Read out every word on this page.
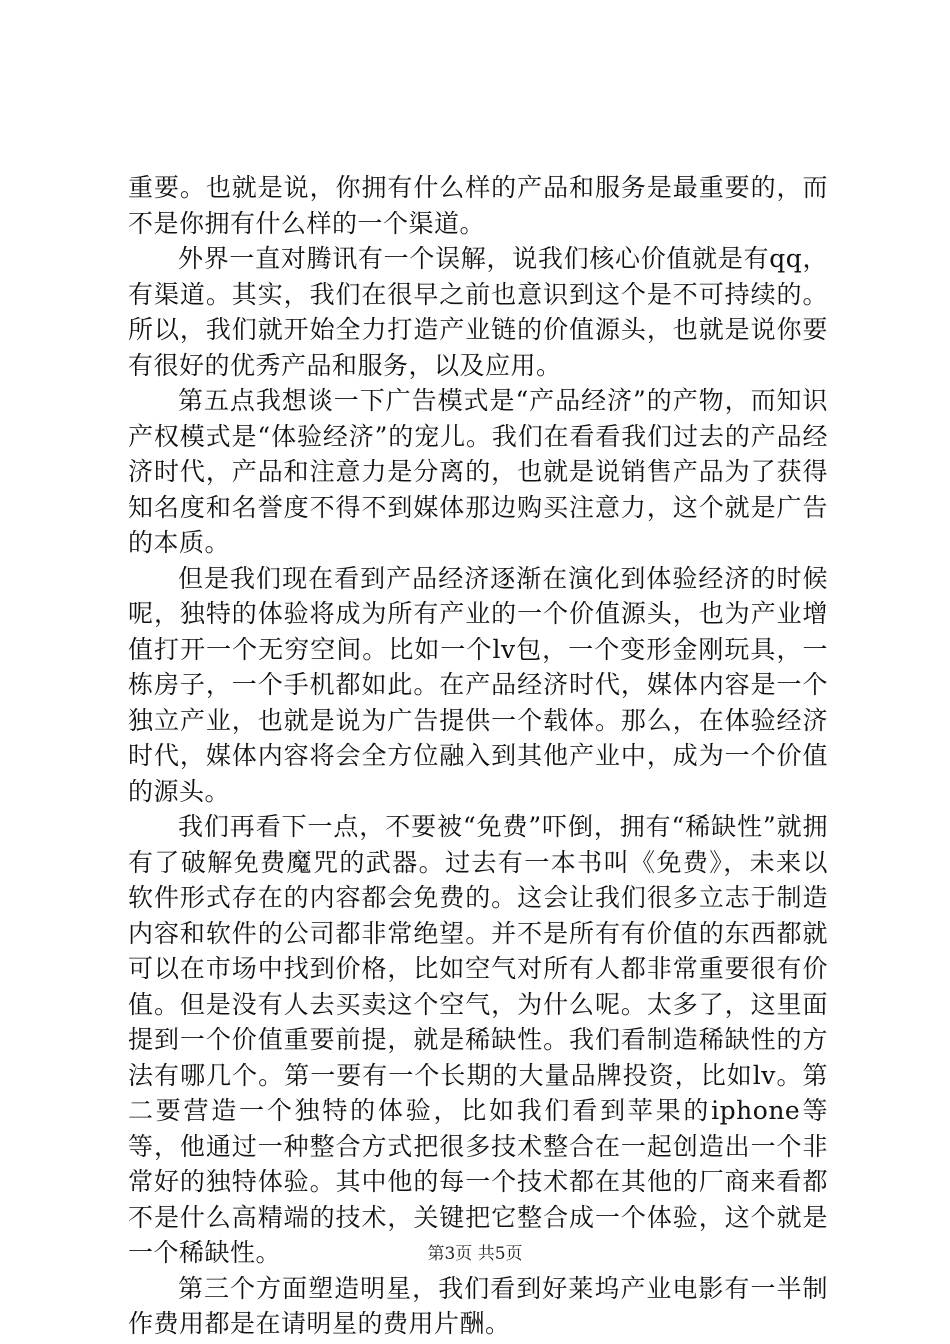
重要。也就是说，你拥有什么样的产品和服务是最重要的，而不是你拥有什么样的一个渠道。

外界一直对腾讯有一个误解，说我们核心价值就是有qq，有渠道。其实，我们在很早之前也意识到这个是不可持续的。所以，我们就开始全力打造产业链的价值源头，也就是说你要有很好的优秀产品和服务，以及应用。

第五点我想谈一下广告模式是“产品经济”的产物，而知识产权模式是“体验经济”的宠儿。我们在看看我们过去的产品经济时代，产品和注意力是分离的，也就是说销售产品为了获得知名度和名誉度不得不到媒体那边购买注意力，这个就是广告的本质。

但是我们现在看到产品经济逐渐在演化到体验经济的时候呢，独特的体验将成为所有产业的一个价值源头，也为产业增值打开一个无穷空间。比如一个lv包，一个变形金刚玩具，一栋房子，一个手机都如此。在产品经济时代，媒体内容是一个独立产业，也就是说为广告提供一个载体。那么，在体验经济时代，媒体内容将会全方位融入到其他产业中，成为一个价值的源头。

我们再看下一点，不要被“免费”吓倒，拥有“稀缺性”就拥有了破解免费魔咒的武器。过去有一本书叫《免费》，未来以软件形式存在的内容都会免费的。这会让我们很多立志于制造内容和软件的公司都非常绝望。并不是所有有价值的东西都就可以在市场中找到价格，比如空气对所有人都非常重要很有价值。但是没有人去买卖这个空气，为什么呢。太多了，这里面提到一个价值重要前提，就是稀缺性。我们看制造稀缺性的方法有哪几个。第一要有一个长期的大量品牌投资，比如lv。第二要营造一个独特的体验，比如我们看到苹果的iphone等等，他通过一种整合方式把很多技术整合在一起创造出一个非常好的独特体验。其中他的每一个技术都在其他的厂商来看都不是什么高精端的技术，关键把它整合成一个体验，这个就是一个稀缺性。

第三个方面塑造明星，我们看到好莱坞产业电影有一半制作费用都是在请明星的费用片酬。

第3页 共5页
